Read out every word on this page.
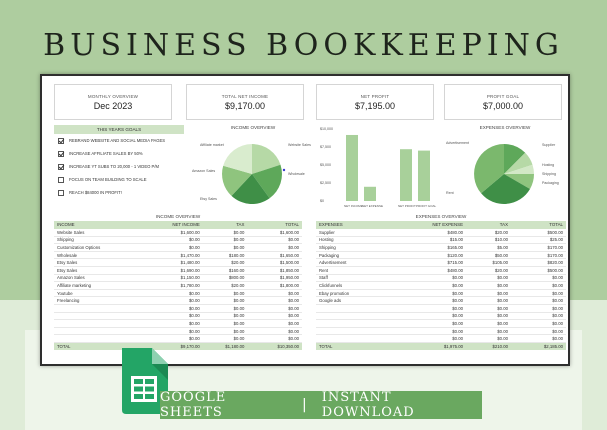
BUSINESS BOOKKEEPING
MONTHLY OVERVIEW
Dec 2023
TOTAL NET INCOME
$9,170.00
NET PROFIT
$7,195.00
PROFIT GOAL
$7,000.00
THIS YEARS GOALS
REBRAND WEBSITE AND SOCIAL MEDIA PAGES
INCREASE AFFILIATE SALES BY 50%
INCREASE YT SUBS TO 20,000 - 1 VIDEO P/M
FOCUS ON TEAM BUILDING TO SCALE
REACH $84000 IN PROFIT!
INCOME OVERVIEW
Affiliate market	Website Sales
Amazon Sales
Wholesale
Etsy Sales
$10,000
$7,500
$5,000
$2,500
$0
NET INCOME NET EXPENSE	NET PROFIT PROFIT GOAL
EXPENSES OVERVIEW
Advertisement	Supplier
Hosting
Shipping
Packaging
Rent
INCOME OVERVIEW
INCOME	NET INCOME	TAX	TOTAL
Website Sales	$1,600.00	$0.00	$1,600.00
Shipping	$0.00	$0.00	$0.00
Customization Options	$0.00	$0.00	$0.00
Wholesale	$1,470.00	$180.00	$1,650.00
Etsy Sales	$1,480.00	$20.00	$1,500.00
Etsy Sales	$1,690.00	$160.00	$1,850.00
Amazon Sales	$1,150.00	$800.00	$1,950.00
Affiliate marketing	$1,780.00	$20.00	$1,800.00
Youtube	$0.00	$0.00	$0.00
Freelancing	$0.00	$0.00	$0.00
	$0.00	$0.00	$0.00
	$0.00	$0.00	$0.00
	$0.00	$0.00	$0.00
	$0.00	$0.00	$0.00
	$0.00	$0.00	$0.00
TOTAL	$9,170.00	$1,180.00	$10,350.00
EXPENSES OVERVIEW
EXPENSES	NET EXPENSE	TAX	TOTAL
Supplier	$480.00	$20.00	$500.00
Hosting	$15.00	$10.00	$25.00
Shipping	$165.00	$5.00	$170.00
Packaging	$120.00	$50.00	$170.00
Advertisement	$715.00	$105.00	$820.00
Rent	$480.00	$20.00	$500.00
Staff	$0.00	$0.00	$0.00
Clickfunnels	$0.00	$0.00	$0.00
Ebay promotion	$0.00	$0.00	$0.00
Google ads	$0.00	$0.00	$0.00
	$0.00	$0.00	$0.00
	$0.00	$0.00	$0.00
	$0.00	$0.00	$0.00
	$0.00	$0.00	$0.00
	$0.00	$0.00	$0.00
TOTAL	$1,975.00	$210.00	$2,185.00
GOOGLE SHEETS	| INSTANT DOWNLOAD
